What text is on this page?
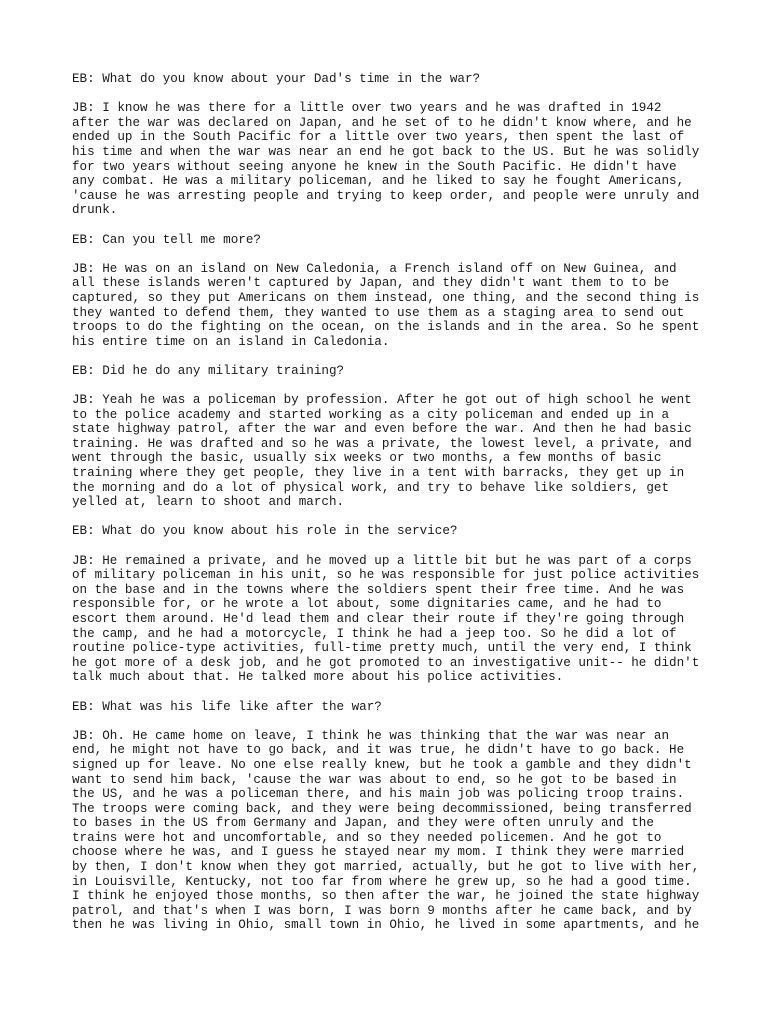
EB: What do you know about your Dad's time in the war?

JB: I know he was there for a little over two years and he was drafted in 1942
after the war was declared on Japan, and he set of to he didn't know where, and he
ended up in the South Pacific for a little over two years, then spent the last of
his time and when the war was near an end he got back to the US. But he was solidly
for two years without seeing anyone he knew in the South Pacific. He didn't have
any combat. He was a military policeman, and he liked to say he fought Americans,
'cause he was arresting people and trying to keep order, and people were unruly and
drunk.

EB: Can you tell me more?

JB: He was on an island on New Caledonia, a French island off on New Guinea, and
all these islands weren't captured by Japan, and they didn't want them to to be
captured, so they put Americans on them instead, one thing, and the second thing is
they wanted to defend them, they wanted to use them as a staging area to send out
troops to do the fighting on the ocean, on the islands and in the area. So he spent
his entire time on an island in Caledonia.

EB: Did he do any military training?

JB: Yeah he was a policeman by profession. After he got out of high school he went
to the police academy and started working as a city policeman and ended up in a
state highway patrol, after the war and even before the war. And then he had basic
training. He was drafted and so he was a private, the lowest level, a private, and
went through the basic, usually six weeks or two months, a few months of basic
training where they get people, they live in a tent with barracks, they get up in
the morning and do a lot of physical work, and try to behave like soldiers, get
yelled at, learn to shoot and march.

EB: What do you know about his role in the service?

JB: He remained a private, and he moved up a little bit but he was part of a corps
of military policeman in his unit, so he was responsible for just police activities
on the base and in the towns where the soldiers spent their free time. And he was
responsible for, or he wrote a lot about, some dignitaries came, and he had to
escort them around. He'd lead them and clear their route if they're going through
the camp, and he had a motorcycle, I think he had a jeep too. So he did a lot of
routine police-type activities, full-time pretty much, until the very end, I think
he got more of a desk job, and he got promoted to an investigative unit-- he didn't
talk much about that. He talked more about his police activities.

EB: What was his life like after the war?

JB: Oh. He came home on leave, I think he was thinking that the war was near an
end, he might not have to go back, and it was true, he didn't have to go back. He
signed up for leave. No one else really knew, but he took a gamble and they didn't
want to send him back, 'cause the war was about to end, so he got to be based in
the US, and he was a policeman there, and his main job was policing troop trains.
The troops were coming back, and they were being decommissioned, being transferred
to bases in the US from Germany and Japan, and they were often unruly and the
trains were hot and uncomfortable, and so they needed policemen. And he got to
choose where he was, and I guess he stayed near my mom. I think they were married
by then, I don't know when they got married, actually, but he got to live with her,
in Louisville, Kentucky, not too far from where he grew up, so he had a good time.
I think he enjoyed those months, so then after the war, he joined the state highway
patrol, and that's when I was born, I was born 9 months after he came back, and by
then he was living in Ohio, small town in Ohio, he lived in some apartments, and he
